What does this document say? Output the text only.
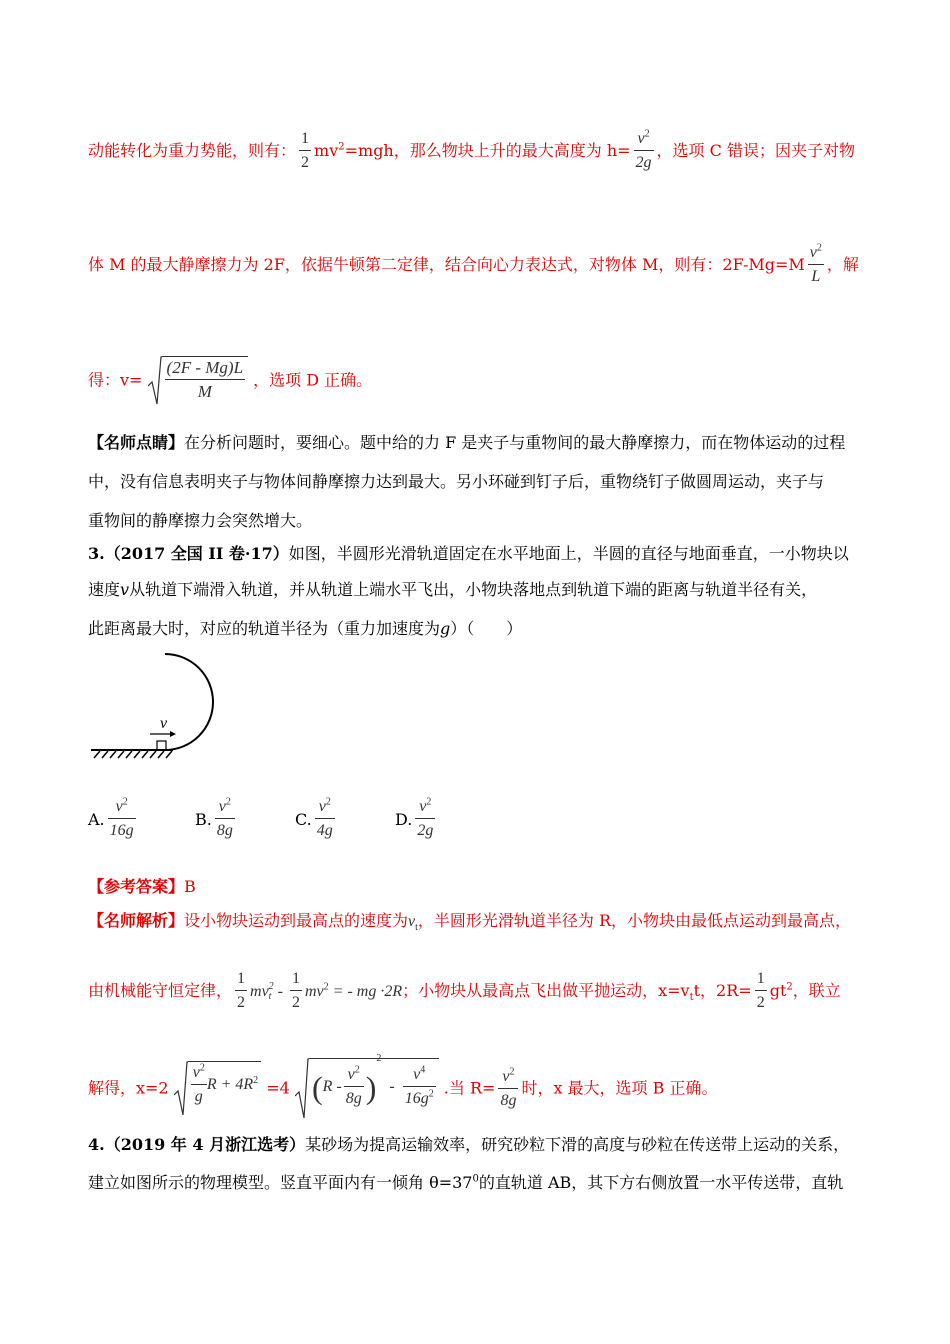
动能转化为重力势能，则有： $\frac{1}{2} mv^2=mgh$，那么物块上升的最大高度为 $h= \frac{v^2}{2g}$ ，选项 C 错误；因夹子对物
体 M 的最大静摩擦力为 2F，依据牛顿第二定律，结合向心力表达式，对物体 M，则有：$2F-Mg=M \frac{v^2}{L}$ ，解
得：$v= \frac{(2F - Mg)L}{M}$ ，选项 D 正确。
【名师点睛】在分析问题时，要细心。题中给的力 F 是夹子与重物间的最大静摩擦力，而在物体运动的过程
中，没有信息表明夹子与物体间静摩擦力达到最大。另小环碰到钉子后，重物绕钉子做圆周运动，夹子与
重物间的静摩擦力会突然增大。
3.（2017 全国 II 卷·17）如图，半圆形光滑轨道固定在水平地面上，半圆的直径与地面垂直，一小物块以
速度v从轨道下端滑入轨道，并从轨道上端水平飞出，小物块落地点到轨道下端的距离与轨道半径有关，
此距离最大时，对应的轨道半径为（重力加速度为g）（　　）
v
A. $\frac{v^2}{16g}$	B. $\frac{v^2}{8g}$	C. $\frac{v^2}{4g}$	D. $\frac{v^2}{2g}$
【参考答案】B
【名师解析】设小物块运动到最高点的速度为$v_t$，半圆形光滑轨道半径为 R，小物块由最低点运动到最高点，
由机械能守恒定律， $\frac{1}{2} mv2$
t - $\frac{1}{2} mv^2$ = - mg ·2R；小物块从最高点飞出做平抛运动，$x=v_tt$，$2R= \frac{1}{2} gt^2$，联立
解得，$x=2 \frac{v^2}{g}$ $R + 4R^2 =4$ $(R - \frac{v^2}{8g} )^2 - \frac{v^4}{16g^2}$ .当 $R= \frac{v^2}{8g}$ 时，x 最大，选项 B 正确。
4.（2019 年 4 月浙江选考）某砂场为提高运输效率，研究砂粒下滑的高度与砂粒在传送带上运动的关系，
建立如图所示的物理模型。竖直平面内有一倾角 $\theta=37^0$的直轨道 AB，其下方右侧放置一水平传送带，直轨
